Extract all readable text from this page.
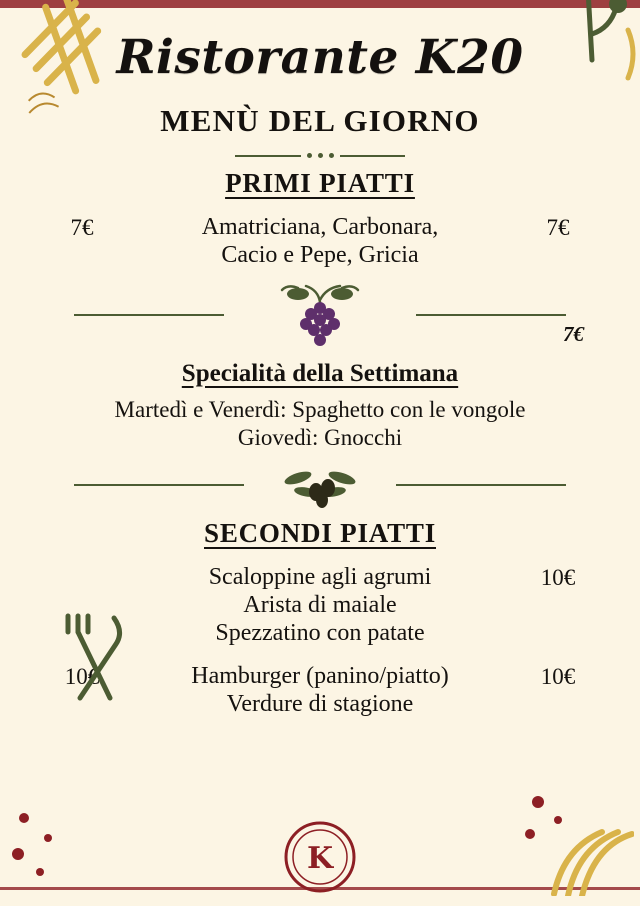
Ristorante K20
MENÙ DEL GIORNO
PRIMI PIATTI
7€	Amatriciana, Carbonara,
Cacio e Pepe, Gricia
7€
7€
Specialità della Settimana
Martedì e Venerdì: Spaghetto con le vongole
Giovedì: Gnocchi
SECONDI PIATTI
Scaloppine agli agrumi
Arista di maiale
Spezzatino con patate
10€
10€	Hamburger (panino/piatto)
Verdure di stagione
10€
K
